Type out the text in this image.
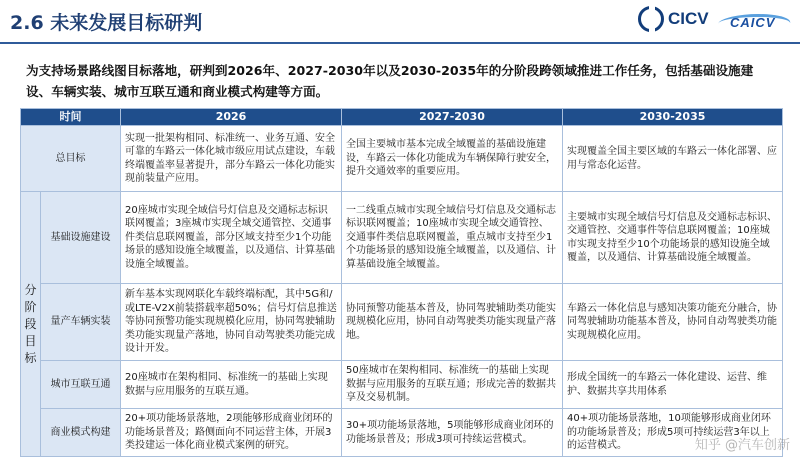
2.6 未来发展目标研判	CICV CAICV
为支持场景路线图目标落地，研判到2026年、2027-2030年以及2030-2035年的分阶段跨领域推进工作任务，包括基础设施建设、车辆实装、城市互联互通和商业模式构建等方面。
时间		2026	2027-2030	2030-2035
总目标		实现一批架构相同、标准统一、业务互通、安全可靠的车路云一体化城市级应用试点建设，车载终端覆盖率显著提升，部分车路云一体化功能实现前装量产应用。	全国主要城市基本完成全域覆盖的基础设施建设，车路云一体化功能成为车辆保障行驶安全，提升交通效率的重要应用。	实现覆盖全国主要区域的车路云一体化部署、应用与常态化运营。
分阶段目标	基础设施建设	20座城市实现全域信号灯信息及交通标志标识联网覆盖；3座城市实现全域交通管控、交通事件类信息联网覆盖，部分区域支持至少1个功能场景的感知设施全域覆盖，以及通信、计算基础设施全域覆盖。	一二线重点城市实现全域信号灯信息及交通标志标识联网覆盖；10座城市实现全域交通管控、交通事件类信息联网覆盖，重点城市支持至少1个功能场景的感知设施全域覆盖，以及通信、计算基础设施全域覆盖。	主要城市实现全域信号灯信息及交通标志标识、交通管控、交通事件等信息联网覆盖；10座城市实现支持至少10个功能场景的感知设施全域覆盖，以及通信、计算基础设施全域覆盖。
	量产车辆实装	新车基本实现网联化车载终端标配，其中5G和/或LTE-V2X前装搭载率超50%；信号灯信息推送等协同预警功能实现规模化应用，协同驾驶辅助类功能实现量产落地，协同自动驾驶类功能完成设计开发。	协同预警功能基本普及，协同驾驶辅助类功能实现规模化应用，协同自动驾驶类功能实现量产落地。	车路云一体化信息与感知决策功能充分融合，协同驾驶辅助功能基本普及，协同自动驾驶类功能实现规模化应用。
	城市互联互通	20座城市在架构相同、标准统一的基础上实现数据与应用服务的互联互通。	50座城市在架构相同、标准统一的基础上实现数据与应用服务的互联互通；形成完善的数据共享及交易机制。	形成全国统一的车路云一体化建设、运营、维护、数据共享共用体系
	商业模式构建	20+项功能场景落地，2项能够形成商业闭环的功能场景普及；路侧面向不同运营主体，开展3类投建运一体化商业模式案例的研究。	30+项功能场景落地，5项能够形成商业闭环的功能场景普及；形成3项可持续运营模式。	40+项功能场景落地，10项能够形成商业闭环的功能场景普及；形成5项可持续运营3年以上的运营模式。	知乎 @汽车创新
